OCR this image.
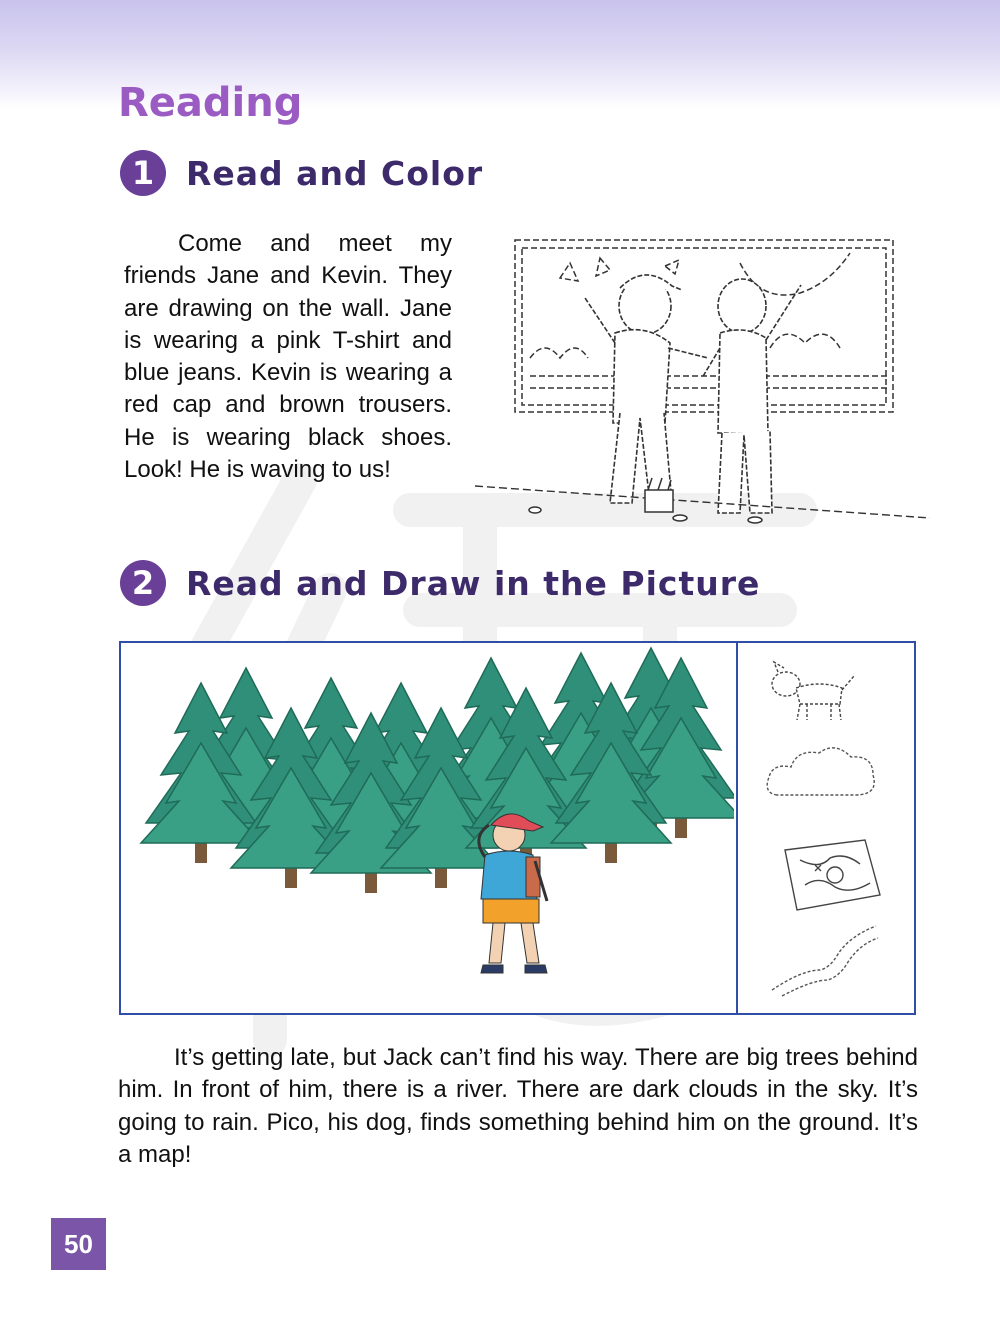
Reading
1 Read and Color

Come and meet my friends Jane and Kevin. They are drawing on the wall. Jane is wearing a pink T-shirt and blue jeans. Kevin is wearing a red cap and brown trousers. He is wearing black shoes. Look! He is waving to us!

2 Read and Draw in the Picture

It’s getting late, but Jack can’t find his way. There are big trees behind him. In front of him, there is a river. There are dark clouds in the sky. It’s going to rain. Pico, his dog, finds something behind him on the ground. It’s a map!

50
